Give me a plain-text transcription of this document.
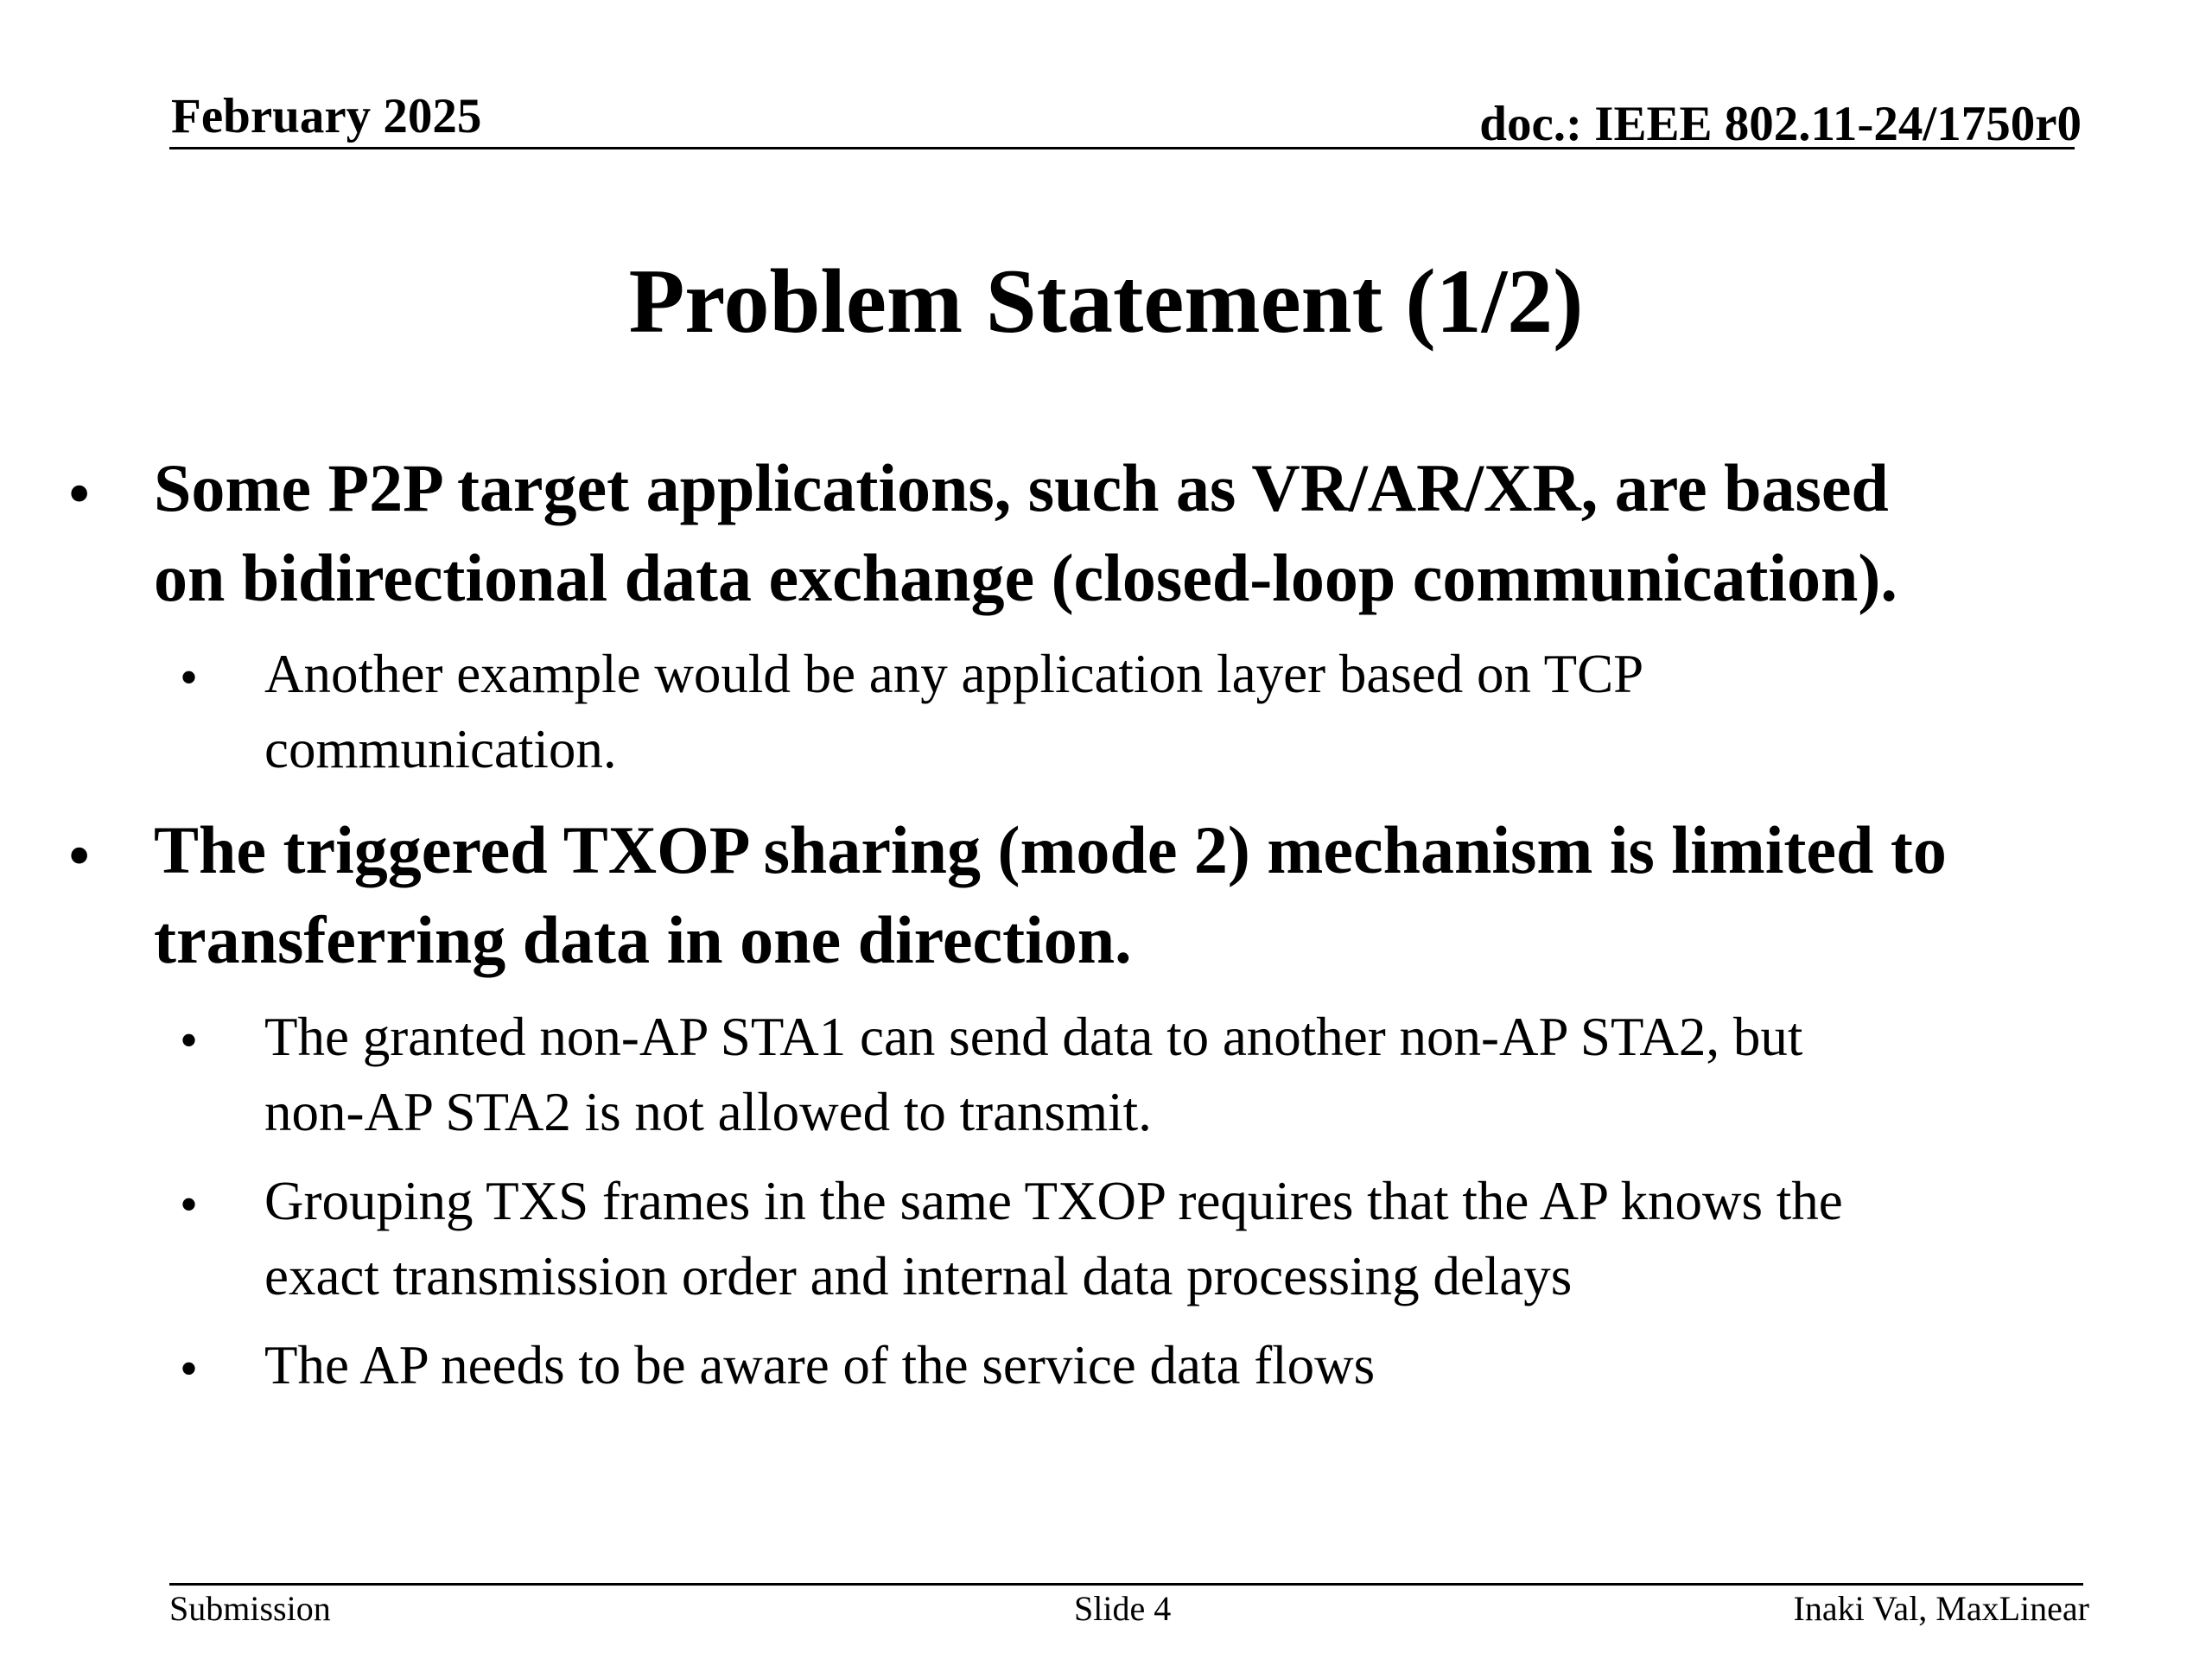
February 2025	doc.: IEEE 802.11-24/1750r0
Problem Statement (1/2)
• Some P2P target applications, such as VR/AR/XR, are based
on bidirectional data exchange (closed-loop communication).
• Another example would be any application layer based on TCP
communication.
• The triggered TXOP sharing (mode 2) mechanism is limited to
transferring data in one direction.
• The granted non-AP STA1 can send data to another non-AP STA2, but
non-AP STA2 is not allowed to transmit.
• Grouping TXS frames in the same TXOP requires that the AP knows the
exact transmission order and internal data processing delays
• The AP needs to be aware of the service data flows
Submission	Slide 4	Inaki Val, MaxLinear
